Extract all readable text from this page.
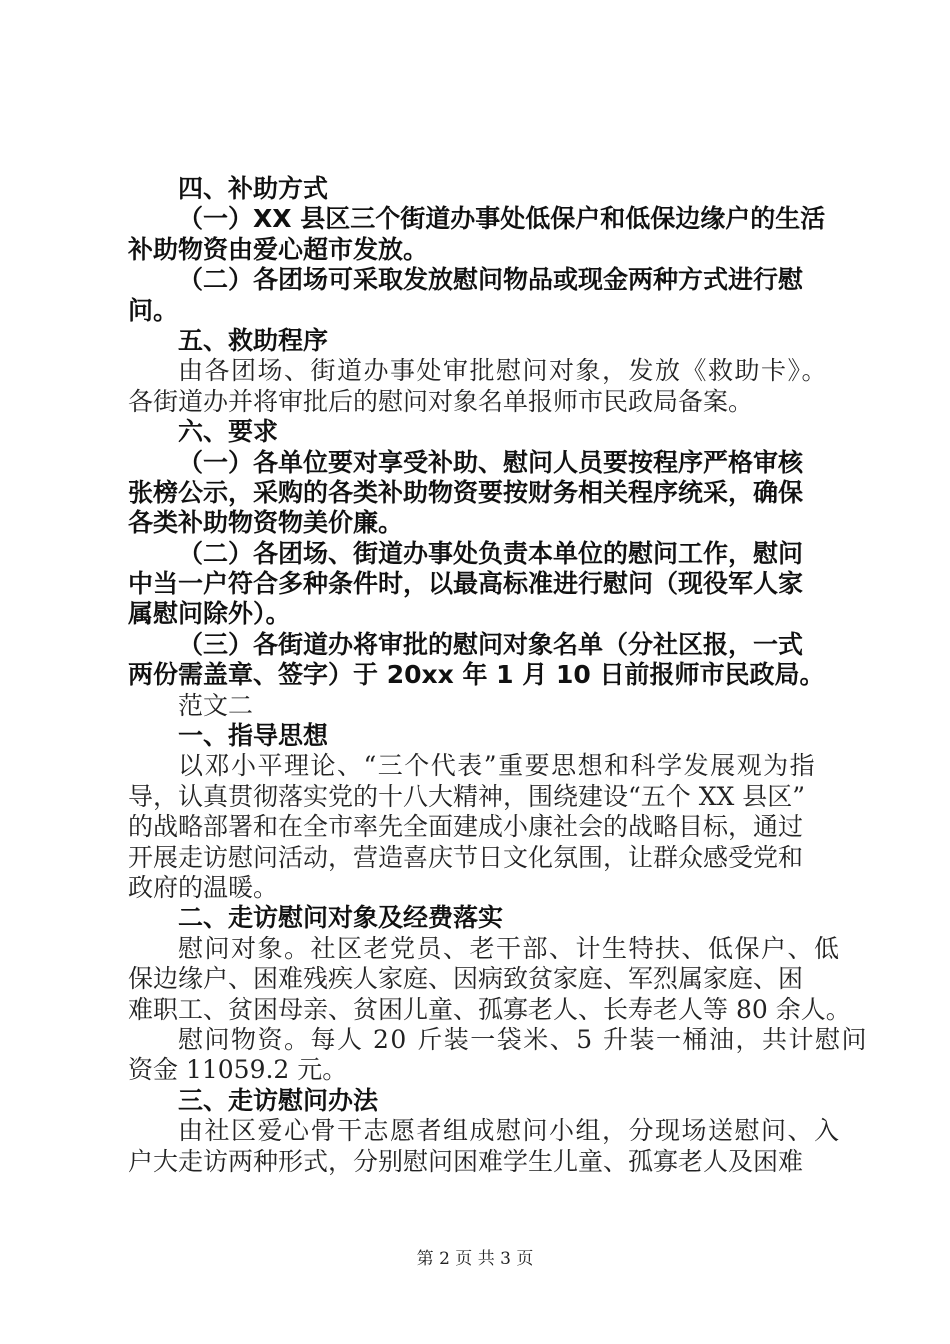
四、补助方式
（一）XX 县区三个街道办事处低保户和低保边缘户的生活
补助物资由爱心超市发放。
（二）各团场可采取发放慰问物品或现金两种方式进行慰
问。
五、救助程序
由各团场、街道办事处审批慰问对象，发放《救助卡》。
各街道办并将审批后的慰问对象名单报师市民政局备案。
六、要求
（一）各单位要对享受补助、慰问人员要按程序严格审核
张榜公示，采购的各类补助物资要按财务相关程序统采，确保
各类补助物资物美价廉。
（二）各团场、街道办事处负责本单位的慰问工作，慰问
中当一户符合多种条件时，以最高标准进行慰问（现役军人家
属慰问除外）。
（三）各街道办将审批的慰问对象名单（分社区报，一式
两份需盖章、签字）于 20xx 年 1 月 10 日前报师市民政局。
范文二
一、指导思想
以邓小平理论、“三个代表”重要思想和科学发展观为指
导，认真贯彻落实党的十八大精神，围绕建设“五个 XX 县区”
的战略部署和在全市率先全面建成小康社会的战略目标，通过
开展走访慰问活动，营造喜庆节日文化氛围，让群众感受党和
政府的温暖。
二、走访慰问对象及经费落实
慰问对象。社区老党员、老干部、计生特扶、低保户、低
保边缘户、困难残疾人家庭、因病致贫家庭、军烈属家庭、困
难职工、贫困母亲、贫困儿童、孤寡老人、长寿老人等 80 余人。
慰问物资。每人 20 斤装一袋米、5 升装一桶油，共计慰问
资金 11059.2 元。
三、走访慰问办法
由社区爱心骨干志愿者组成慰问小组，分现场送慰问、入
户大走访两种形式，分别慰问困难学生儿童、孤寡老人及困难
第 2 页 共 3 页
